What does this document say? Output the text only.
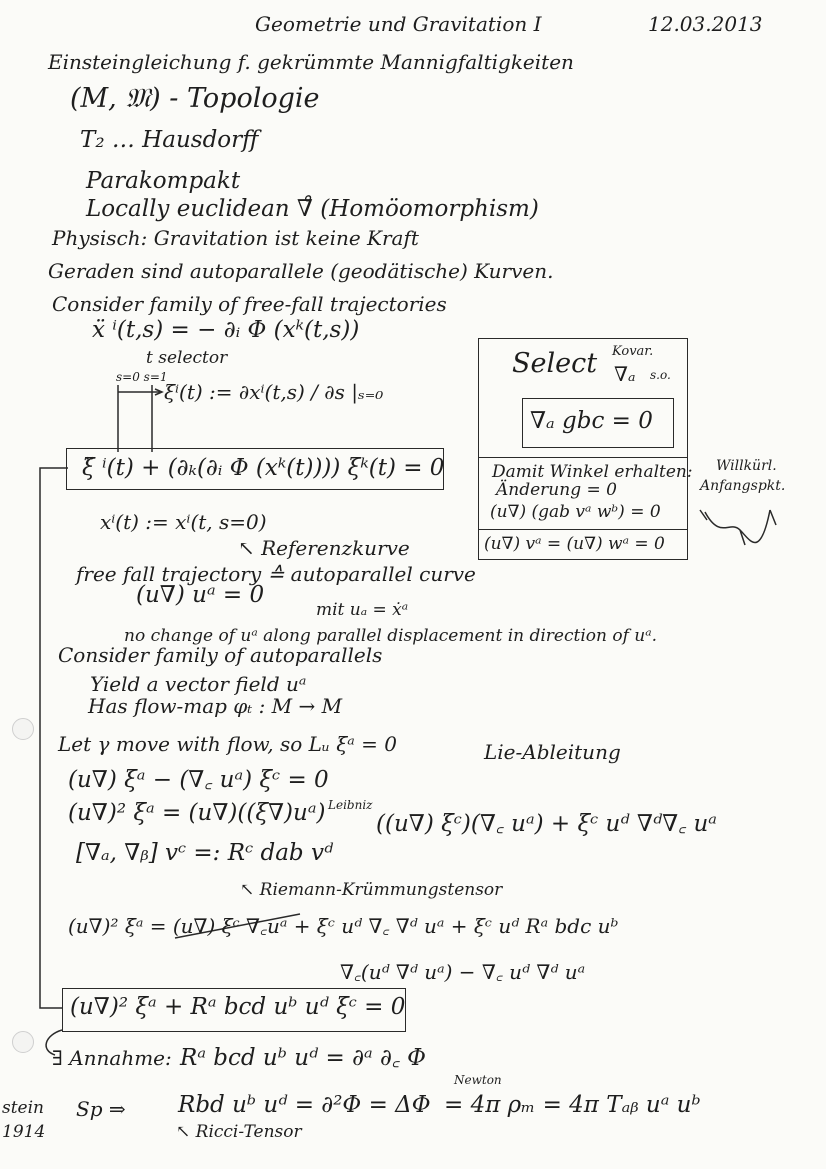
Geometrie und Gravitation I	12.03.2013
Einsteingleichung f. gekrümmte Mannigfaltigkeiten
(M, 𝔐) - Topologie
T₂ … Hausdorff
Parakompakt
Locally euclidean ∇̊ (Homöomorphism)
Physisch: Gravitation ist keine Kraft
Geraden sind autoparallele (geodätische) Kurven.
Consider family of free-fall trajectories
ẍ ⁱ(t,s) = − ∂ᵢ Φ (xᵏ(t,s))
t selector
s=0 s=1
ξⁱ(t) := ∂xⁱ(t,s) / ∂s |ₛ₌₀
ξ̈ ⁱ(t) + (∂ₖ(∂ᵢ Φ (xᵏ(t)))) ξᵏ(t) = 0
xⁱ(t) := xⁱ(t, s=0)
↖ Referenzkurve
free fall trajectory ≙ autoparallel curve
(u∇) uᵃ = 0
mit uₐ = ẋᵃ
no change of uᵃ along parallel displacement in direction of uᵃ.
Consider family of autoparallels
Yield a vector field uᵃ
Has flow-map φₜ : M → M
Let γ move with flow, so Lᵤ ξᵃ = 0	Lie-Ableitung
(u∇) ξᵃ − (∇꜀ uᵃ) ξᶜ = 0
(u∇)² ξᵃ = (u∇)((ξ∇)uᵃ) Leibniz
((u∇) ξᶜ)(∇꜀ uᵃ) + ξᶜ uᵈ ∇ᵈ∇꜀ uᵃ
[∇ₐ, ∇ᵦ] vᶜ =: Rᶜ dab vᵈ
↖ Riemann-Krümmungstensor
(u∇)² ξᵃ = (u∇) ξᶜ ∇꜀uᵃ + ξᶜ uᵈ ∇꜀ ∇ᵈ uᵃ + ξᶜ uᵈ Rᵃ bdc uᵇ
∇꜀(uᵈ ∇ᵈ uᵃ) − ∇꜀ uᵈ ∇ᵈ uᵃ
(u∇)² ξᵃ + Rᵃ bcd uᵇ uᵈ ξᶜ = 0
∃ Annahme: Rᵃ bcd uᵇ uᵈ = ∂ᵃ ∂꜀ Φ
Newton
Sp ⇒ Rbd uᵇ uᵈ = ∂²Φ = ΔΦ = 4π ρₘ = 4π Tₐᵦ uᵃ uᵇ
↖ Ricci-Tensor
stein
1914
Select Kovar.
∇ₐ s.o.
∇ₐ gbc = 0
Damit Winkel erhalten:
Änderung = 0
(u∇) (gab vᵃ wᵇ) = 0
(u∇) vᵃ = (u∇) wᵃ = 0
Willkürl.
Anfangspkt.
